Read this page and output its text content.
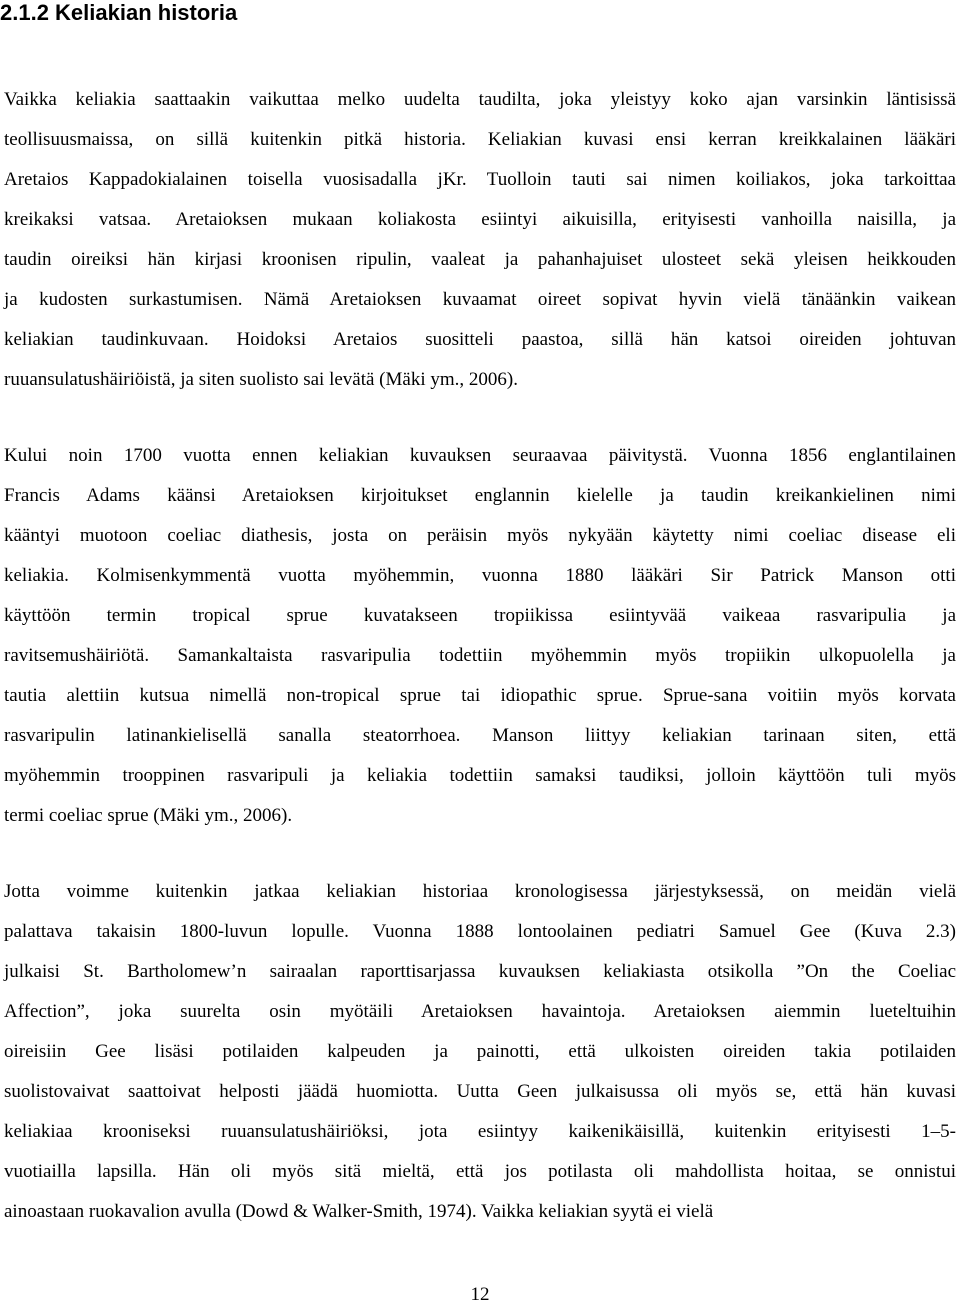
2.1.2 Keliakian historia
Vaikka keliakia saattaakin vaikuttaa melko uudelta taudilta, joka yleistyy koko ajan varsinkin läntisissä
teollisuusmaissa, on sillä kuitenkin pitkä historia. Keliakian kuvasi ensi kerran kreikkalainen lääkäri
Aretaios Kappadokialainen toisella vuosisadalla jKr. Tuolloin tauti sai nimen koiliakos, joka tarkoittaa
kreikaksi vatsaa. Aretaioksen mukaan koliakosta esiintyi aikuisilla, erityisesti vanhoilla naisilla, ja
taudin oireiksi hän kirjasi kroonisen ripulin, vaaleat ja pahanhajuiset ulosteet sekä yleisen heikkouden
ja kudosten surkastumisen. Nämä Aretaioksen kuvaamat oireet sopivat hyvin vielä tänäänkin vaikean
keliakian taudinkuvaan. Hoidoksi Aretaios suositteli paastoa, sillä hän katsoi oireiden johtuvan
ruuansulatushäiriöistä, ja siten suolisto sai levätä (Mäki ym., 2006).
Kului noin 1700 vuotta ennen keliakian kuvauksen seuraavaa päivitystä. Vuonna 1856 englantilainen
Francis Adams käänsi Aretaioksen kirjoitukset englannin kielelle ja taudin kreikankielinen nimi
kääntyi muotoon coeliac diathesis, josta on peräisin myös nykyään käytetty nimi coeliac disease eli
keliakia. Kolmisenkymmentä vuotta myöhemmin, vuonna 1880 lääkäri Sir Patrick Manson otti
käyttöön termin tropical sprue kuvatakseen tropiikissa esiintyvää vaikeaa rasvaripulia ja
ravitsemushäiriötä. Samankaltaista rasvaripulia todettiin myöhemmin myös tropiikin ulkopuolella ja
tautia alettiin kutsua nimellä non-tropical sprue tai idiopathic sprue. Sprue-sana voitiin myös korvata
rasvaripulin latinankielisellä sanalla steatorrhoea. Manson liittyy keliakian tarinaan siten, että
myöhemmin trooppinen rasvaripuli ja keliakia todettiin samaksi taudiksi, jolloin käyttöön tuli myös
termi coeliac sprue (Mäki ym., 2006).
Jotta voimme kuitenkin jatkaa keliakian historiaa kronologisessa järjestyksessä, on meidän vielä
palattava takaisin 1800-luvun lopulle. Vuonna 1888 lontoolainen pediatri Samuel Gee (Kuva 2.3)
julkaisi St. Bartholomew’n sairaalan raporttisarjassa kuvauksen keliakiasta otsikolla ”On the Coeliac
Affection”, joka suurelta osin myötäili Aretaioksen havaintoja. Aretaioksen aiemmin lueteltuihin
oireisiin Gee lisäsi potilaiden kalpeuden ja painotti, että ulkoisten oireiden takia potilaiden
suolistovaivat saattoivat helposti jäädä huomiotta. Uutta Geen julkaisussa oli myös se, että hän kuvasi
keliakiaa krooniseksi ruuansulatushäiriöksi, jota esiintyy kaikenikäisillä, kuitenkin erityisesti 1–5-
vuotiailla lapsilla. Hän oli myös sitä mieltä, että jos potilasta oli mahdollista hoitaa, se onnistui
ainoastaan ruokavalion avulla (Dowd & Walker-Smith, 1974). Vaikka keliakian syytä ei vielä
12
